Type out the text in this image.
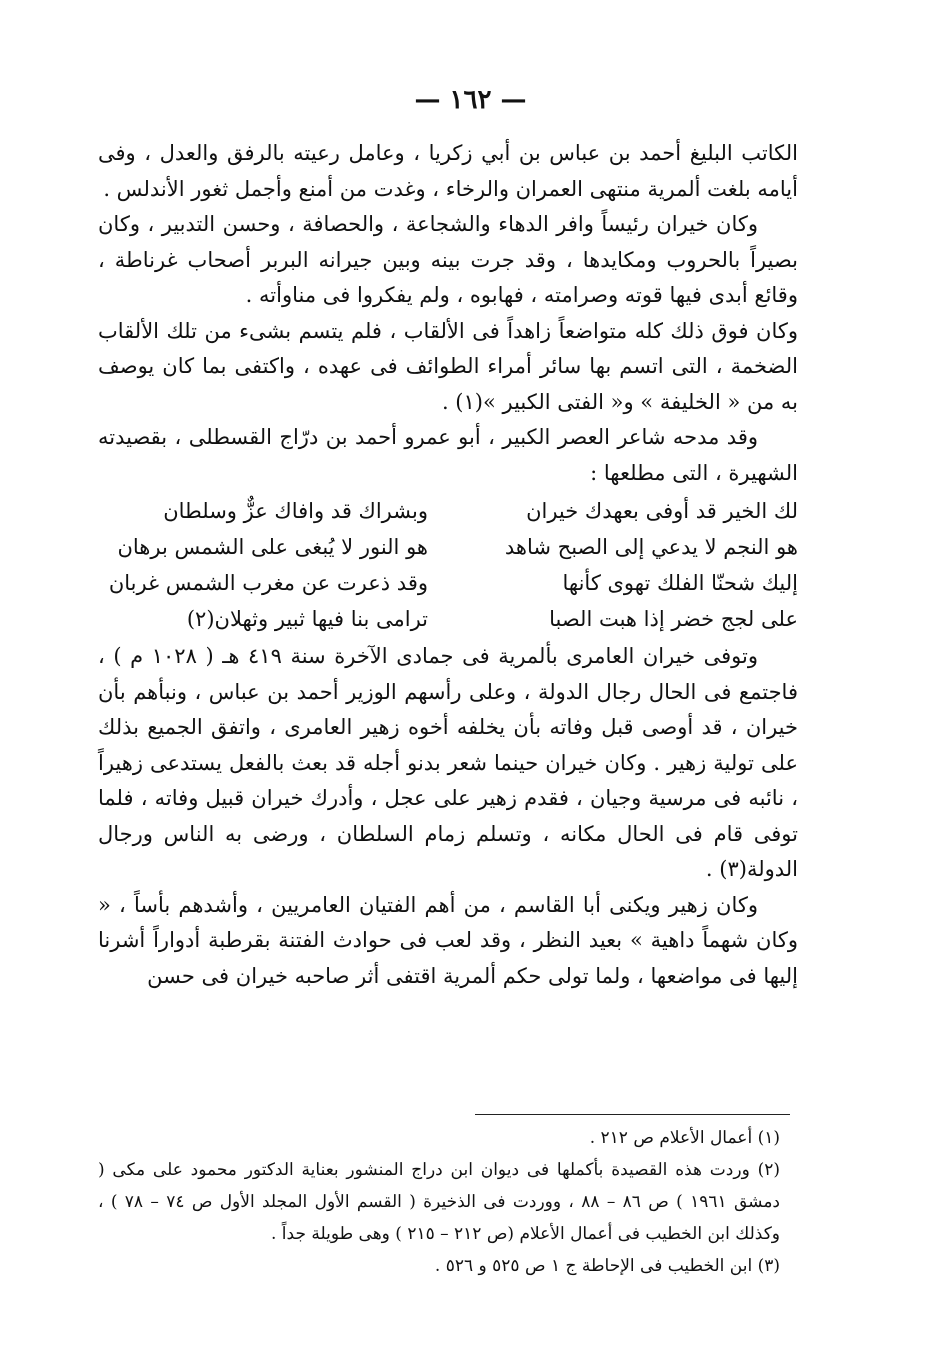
— ١٦٢ —

الكاتب البليغ أحمد بن عباس بن أبي زكريا ، وعامل رعيته بالرفق والعدل ، وفى أيامه بلغت ألمرية منتهى العمران والرخاء ، وغدت من أمنع وأجمل ثغور الأندلس .

وكان خيران رئيساً وافر الدهاء والشجاعة ، والحصافة ، وحسن التدبير ، وكان بصيراً بالحروب ومكايدها ، وقد جرت بينه وبين جيرانه البربر أصحاب غرناطة ، وقائع أبدى فيها قوته وصرامته ، فهابوه ، ولم يفكروا فى مناوأته .

وكان فوق ذلك كله متواضعاً زاهداً فى الألقاب ، فلم يتسم بشىء من تلك الألقاب الضخمة ، التى اتسم بها سائر أمراء الطوائف فى عهده ، واكتفى بما كان يوصف به من « الخليفة » و« الفتى الكبير »(١) .

وقد مدحه شاعر العصر الكبير ، أبو عمرو أحمد بن درّاج القسطلى ، بقصيدته الشهيرة ، التى مطلعها :

لك الخير قد أوفى بعهدك خيران
وبشراك قد وافاك عزٌّ وسلطان
هو النجم لا يدعي إلى الصبح شاهد
هو النور لا يُبغى على الشمس برهان
إليك شحنّا الفلك تهوى كأنها
وقد ذعرت عن مغرب الشمس غربان
على لجج خضر إذا هبت الصبا
ترامى بنا فيها ثبير وثهلان(٢)

وتوفى خيران العامرى بألمرية فى جمادى الآخرة سنة ٤١٩ هـ ( ١٠٢٨ م ) ، فاجتمع فى الحال رجال الدولة ، وعلى رأسهم الوزير أحمد بن عباس ، ونبأهم بأن خيران ، قد أوصى قبل وفاته بأن يخلفه أخوه زهير العامرى ، واتفق الجميع بذلك على تولية زهير . وكان خيران حينما شعر بدنو أجله قد بعث بالفعل يستدعى زهيراً ، نائبه فى مرسية وجيان ، فقدم زهير على عجل ، وأدرك خيران قبيل وفاته ، فلما توفى قام فى الحال مكانه ، وتسلم زمام السلطان ، ورضى به الناس ورجال الدولة(٣) .

وكان زهير ويكنى أبا القاسم ، من أهم الفتيان العامريين ، وأشدهم بأساً ، « وكان شهماً داهية » بعيد النظر ، وقد لعب فى حوادث الفتنة بقرطبة أدواراً أشرنا إليها فى مواضعها ، ولما تولى حكم ألمرية اقتفى أثر صاحبه خيران فى حسن

(١) أعمال الأعلام ص ٢١٢ .

(٢) وردت هذه القصيدة بأكملها فى ديوان ابن دراج المنشور بعناية الدكتور محمود على مكى ( دمشق ١٩٦١ ) ص ٨٦ – ٨٨ ، ووردت فى الذخيرة ( القسم الأول المجلد الأول ص ٧٤ – ٧٨ ) ، وكذلك ابن الخطيب فى أعمال الأعلام (ص ٢١٢ – ٢١٥ ) وهى طويلة جداً .

(٣) ابن الخطيب فى الإحاطة ج ١ ص ٥٢٥ و ٥٢٦ .
